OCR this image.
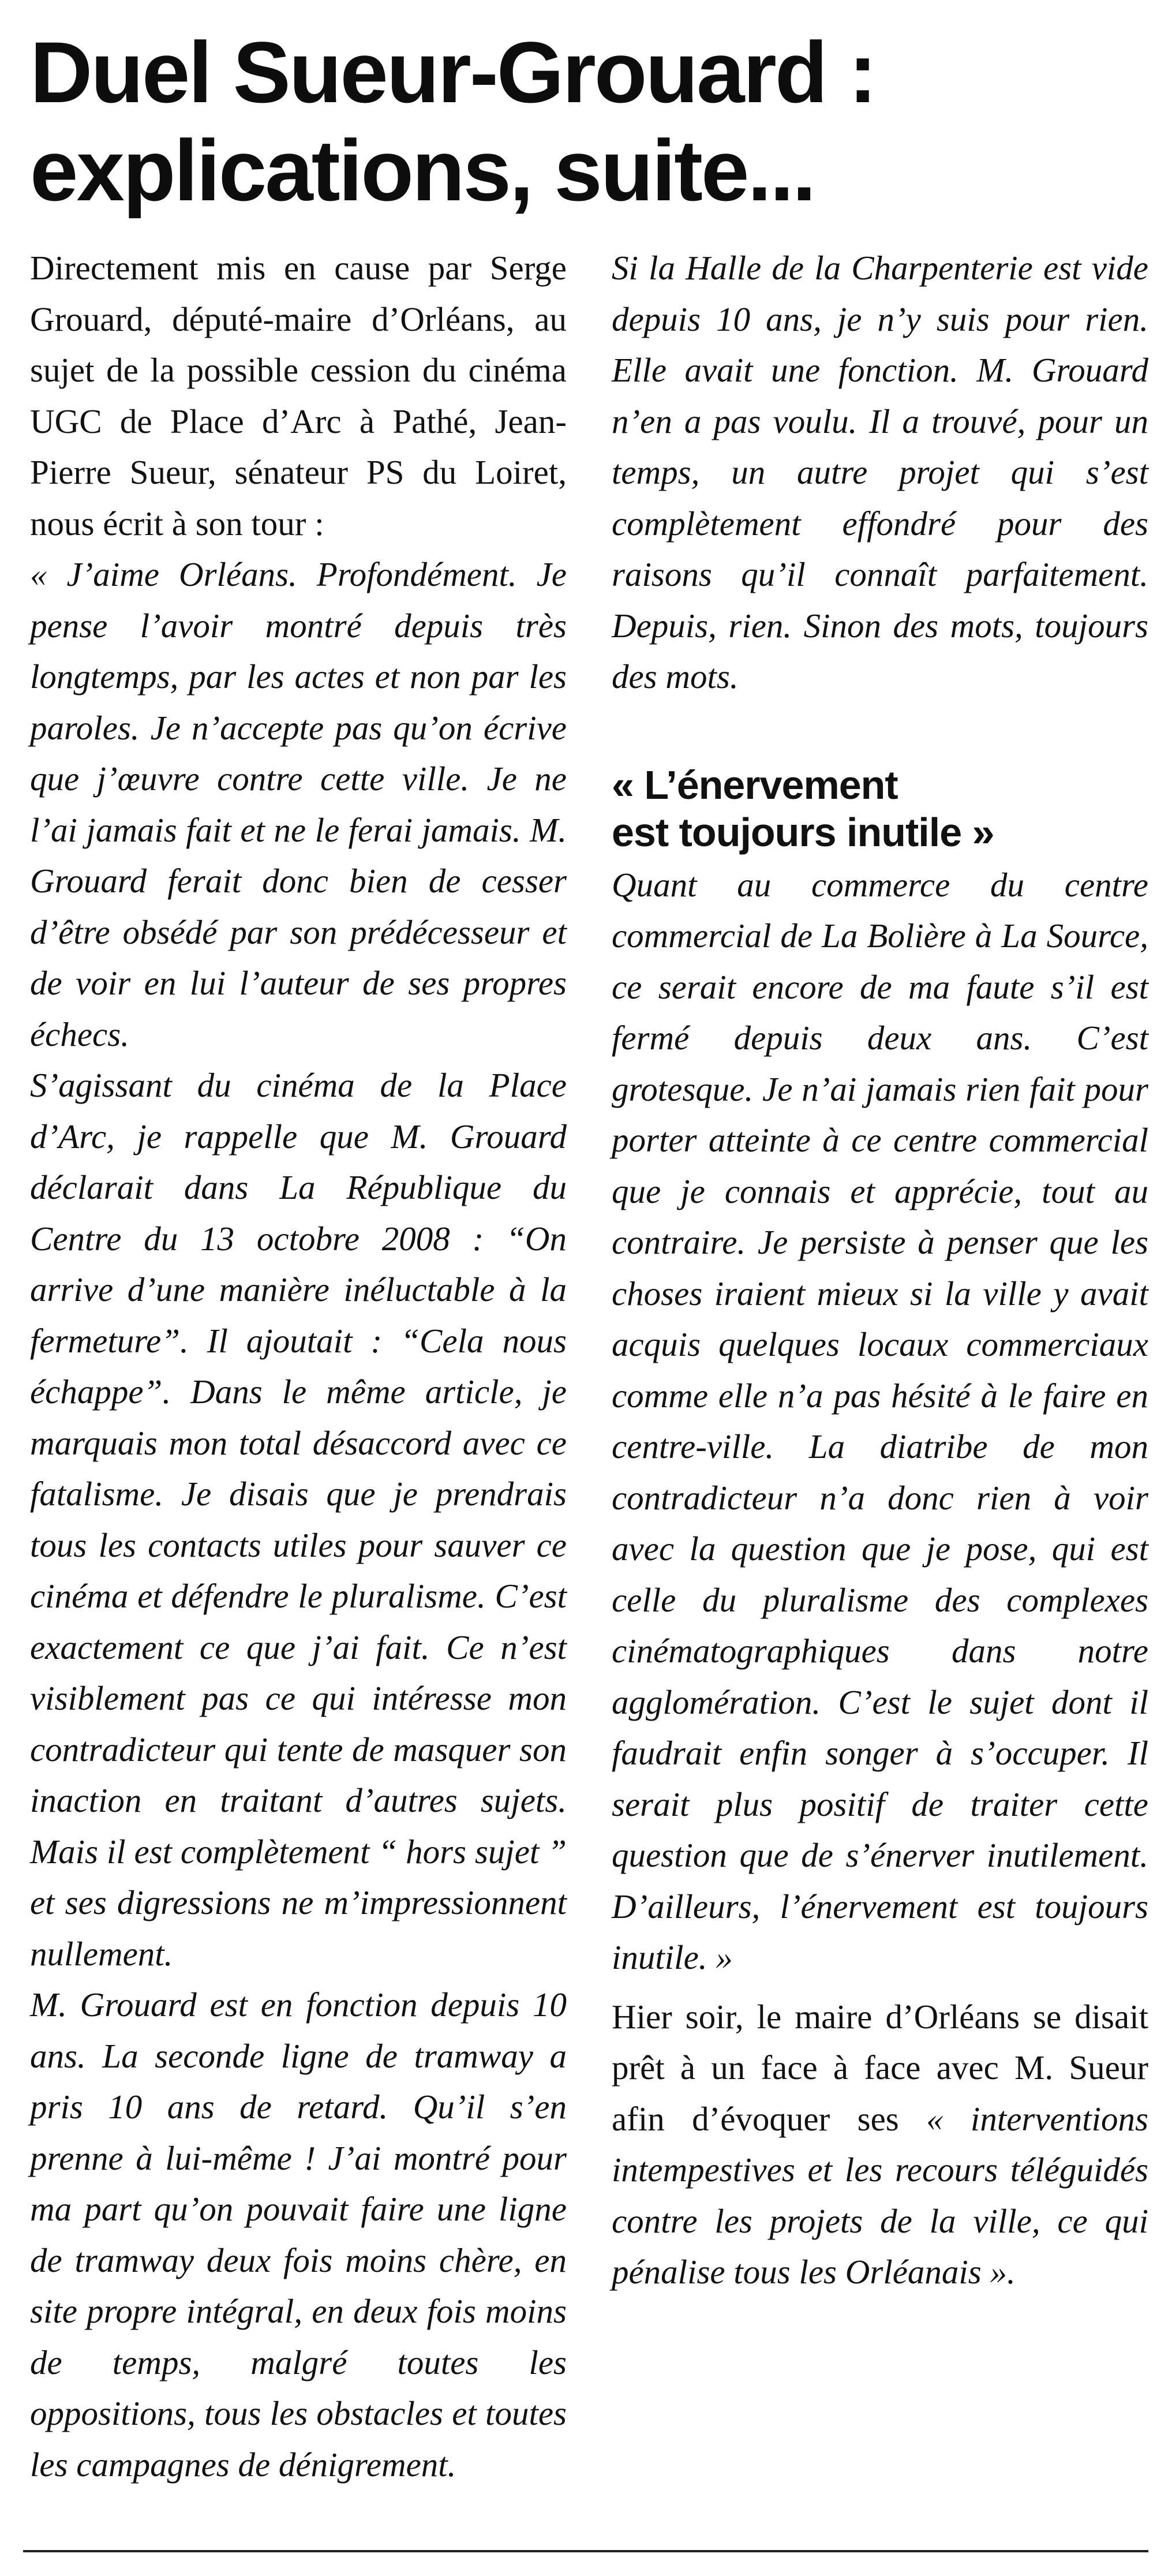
Duel Sueur-Grouard :
explications, suite...

Directement mis en cause par Serge Grouard, député-maire d’Orléans, au sujet de la possible cession du cinéma UGC de Place d’Arc à Pathé, Jean-Pierre Sueur, sénateur PS du Loiret, nous écrit à son tour :

« J’aime Orléans. Profondément. Je pense l’avoir montré depuis très longtemps, par les actes et non par les paroles. Je n’accepte pas qu’on écrive que j’œuvre contre cette ville. Je ne l’ai jamais fait et ne le ferai jamais. M. Grouard ferait donc bien de cesser d’être obsédé par son prédécesseur et de voir en lui l’auteur de ses propres échecs.

S’agissant du cinéma de la Place d’Arc, je rappelle que M. Grouard déclarait dans La République du Centre du 13 octobre 2008 : “On arrive d’une manière inéluctable à la fermeture”. Il ajoutait : “Cela nous échappe”. Dans le même article, je marquais mon total désaccord avec ce fatalisme. Je disais que je prendrais tous les contacts utiles pour sauver ce cinéma et défendre le pluralisme. C’est exactement ce que j’ai fait. Ce n’est visiblement pas ce qui intéresse mon contradicteur qui tente de masquer son inaction en traitant d’autres sujets. Mais il est complètement “ hors sujet ” et ses digressions ne m’impressionnent nullement.

M. Grouard est en fonction depuis 10 ans. La seconde ligne de tramway a pris 10 ans de retard. Qu’il s’en prenne à lui-même ! J’ai montré pour ma part qu’on pouvait faire une ligne de tramway deux fois moins chère, en site propre intégral, en deux fois moins de temps, malgré toutes les oppositions, tous les obstacles et toutes les campagnes de dénigrement.

Si la Halle de la Charpenterie est vide depuis 10 ans, je n’y suis pour rien. Elle avait une fonction. M. Grouard n’en a pas voulu. Il a trouvé, pour un temps, un autre projet qui s’est complètement effondré pour des raisons qu’il connaît parfaitement. Depuis, rien. Sinon des mots, toujours des mots.

« L’énervement
est toujours inutile »

Quant au commerce du centre commercial de La Bolière à La Source, ce serait encore de ma faute s’il est fermé depuis deux ans. C’est grotesque. Je n’ai jamais rien fait pour porter atteinte à ce centre commercial que je connais et apprécie, tout au contraire. Je persiste à penser que les choses iraient mieux si la ville y avait acquis quelques locaux commerciaux comme elle n’a pas hésité à le faire en centre-ville. La diatribe de mon contradicteur n’a donc rien à voir avec la question que je pose, qui est celle du pluralisme des complexes cinématographiques dans notre agglomération. C’est le sujet dont il faudrait enfin songer à s’occuper. Il serait plus positif de traiter cette question que de s’énerver inutilement. D’ailleurs, l’énervement est toujours inutile. »

Hier soir, le maire d’Orléans se disait prêt à un face à face avec M. Sueur afin d’évoquer ses « interventions intempestives et les recours téléguidés contre les projets de la ville, ce qui pénalise tous les Orléanais ».
